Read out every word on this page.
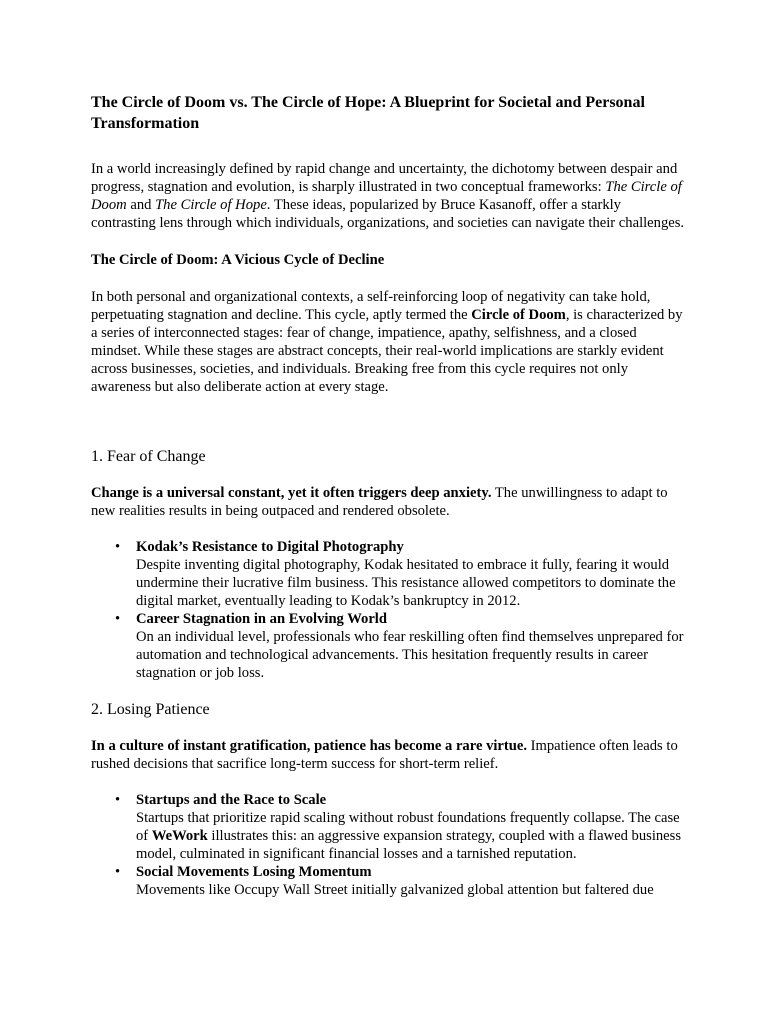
The Circle of Doom vs. The Circle of Hope: A Blueprint for Societal and Personal Transformation

In a world increasingly defined by rapid change and uncertainty, the dichotomy between despair and progress, stagnation and evolution, is sharply illustrated in two conceptual frameworks: The Circle of Doom and The Circle of Hope. These ideas, popularized by Bruce Kasanoff, offer a starkly contrasting lens through which individuals, organizations, and societies can navigate their challenges.

The Circle of Doom: A Vicious Cycle of Decline

In both personal and organizational contexts, a self-reinforcing loop of negativity can take hold, perpetuating stagnation and decline. This cycle, aptly termed the Circle of Doom, is characterized by a series of interconnected stages: fear of change, impatience, apathy, selfishness, and a closed mindset. While these stages are abstract concepts, their real-world implications are starkly evident across businesses, societies, and individuals. Breaking free from this cycle requires not only awareness but also deliberate action at every stage.

1. Fear of Change

Change is a universal constant, yet it often triggers deep anxiety. The unwillingness to adapt to new realities results in being outpaced and rendered obsolete.

• Kodak’s Resistance to Digital Photography
Despite inventing digital photography, Kodak hesitated to embrace it fully, fearing it would undermine their lucrative film business. This resistance allowed competitors to dominate the digital market, eventually leading to Kodak’s bankruptcy in 2012.
• Career Stagnation in an Evolving World
On an individual level, professionals who fear reskilling often find themselves unprepared for automation and technological advancements. This hesitation frequently results in career stagnation or job loss.
2. Losing Patience

In a culture of instant gratification, patience has become a rare virtue. Impatience often leads to rushed decisions that sacrifice long-term success for short-term relief.

• Startups and the Race to Scale
Startups that prioritize rapid scaling without robust foundations frequently collapse. The case of WeWork illustrates this: an aggressive expansion strategy, coupled with a flawed business model, culminated in significant financial losses and a tarnished reputation.
• Social Movements Losing Momentum
Movements like Occupy Wall Street initially galvanized global attention but faltered due
